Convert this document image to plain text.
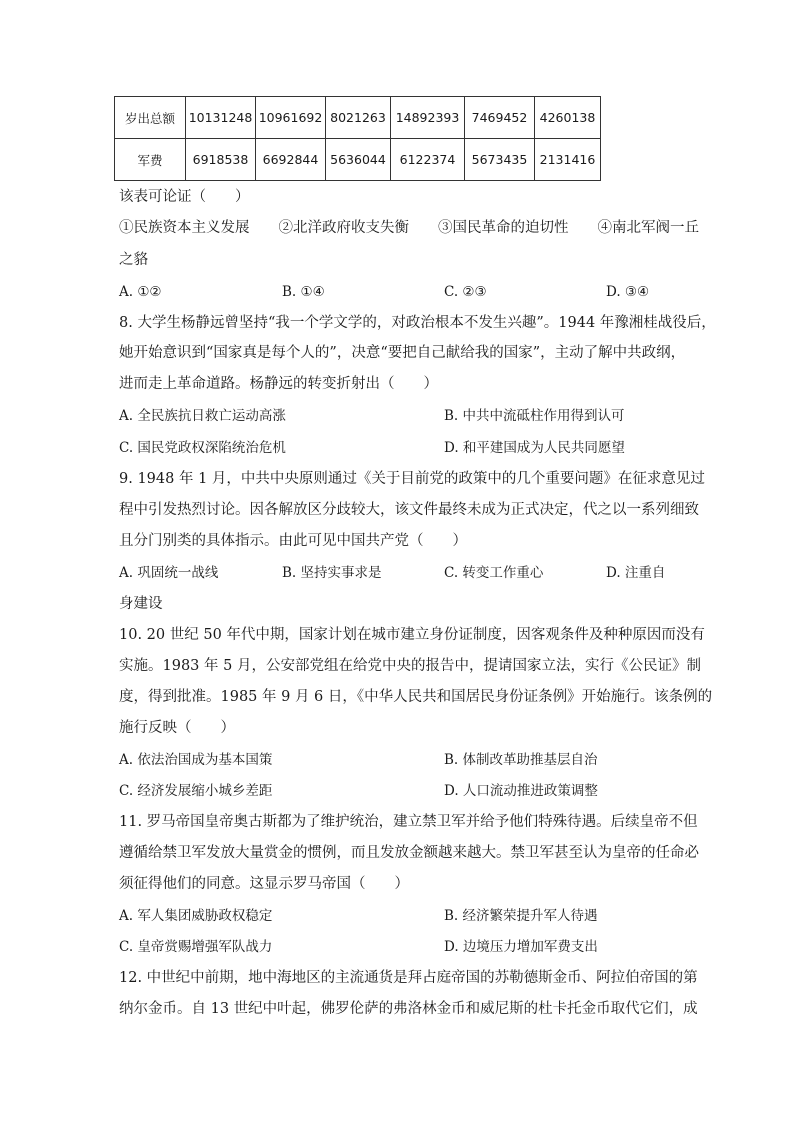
岁出总额	10131248	10961692	8021263	14892393	7469452	4260138
军费	6918538	6692844	5636044	6122374	5673435	2131416
该表可论证（　　）
①民族资本主义发展　　②北洋政府收支失衡　　③国民革命的迫切性　　④南北军阀一丘
之貉
A. ①②	B. ①④	C. ②③	D. ③④
8. 大学生杨静远曾坚持“我一个学文学的，对政治根本不发生兴趣”。1944 年豫湘桂战役后，
她开始意识到“国家真是每个人的”，决意“要把自己献给我的国家”，主动了解中共政纲，
进而走上革命道路。杨静远的转变折射出（　　）
A. 全民族抗日救亡运动高涨	B. 中共中流砥柱作用得到认可
C. 国民党政权深陷统治危机	D. 和平建国成为人民共同愿望
9. 1948 年 1 月，中共中央原则通过《关于目前党的政策中的几个重要问题》在征求意见过
程中引发热烈讨论。因各解放区分歧较大，该文件最终未成为正式决定，代之以一系列细致
且分门别类的具体指示。由此可见中国共产党（　　）
A. 巩固统一战线	B. 坚持实事求是	C. 转变工作重心	D. 注重自
身建设
10. 20 世纪 50 年代中期，国家计划在城市建立身份证制度，因客观条件及种种原因而没有
实施。1983 年 5 月，公安部党组在给党中央的报告中，提请国家立法，实行《公民证》制
度，得到批准。1985 年 9 月 6 日，《中华人民共和国居民身份证条例》开始施行。该条例的
施行反映（　　）
A. 依法治国成为基本国策	B. 体制改革助推基层自治
C. 经济发展缩小城乡差距	D. 人口流动推进政策调整
11. 罗马帝国皇帝奥古斯都为了维护统治，建立禁卫军并给予他们特殊待遇。后续皇帝不但
遵循给禁卫军发放大量赏金的惯例，而且发放金额越来越大。禁卫军甚至认为皇帝的任命必
须征得他们的同意。这显示罗马帝国（　　）
A. 军人集团威胁政权稳定	B. 经济繁荣提升军人待遇
C. 皇帝赏赐增强军队战力	D. 边境压力增加军费支出
12. 中世纪中前期，地中海地区的主流通货是拜占庭帝国的苏勒德斯金币、阿拉伯帝国的第
纳尔金币。自 13 世纪中叶起，佛罗伦萨的弗洛林金币和威尼斯的杜卡托金币取代它们，成
